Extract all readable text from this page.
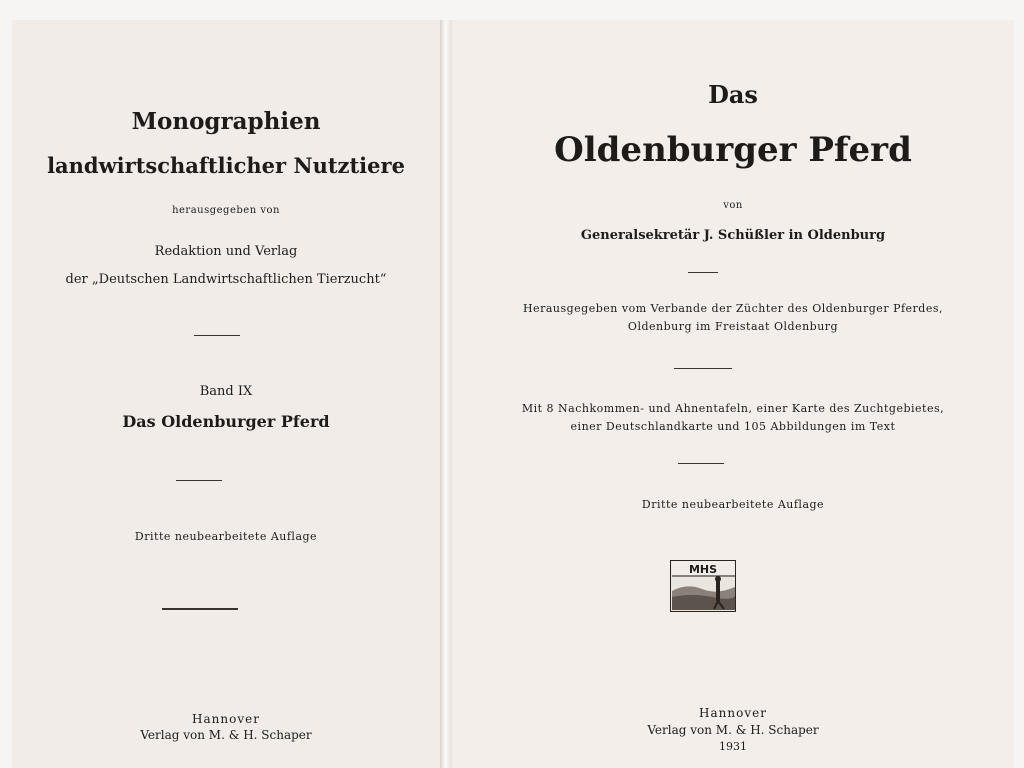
Monographien

landwirtschaftlicher Nutztiere

herausgegeben von

Redaktion und Verlag

der „Deutschen Landwirtschaftlichen Tierzucht“

Band IX

Das Oldenburger Pferd

Dritte neubearbeitete Auflage

Hannover

Verlag von M. & H. Schaper

Das

Oldenburger Pferd

von

Generalsekretär J. Schüßler in Oldenburg

Herausgegeben vom Verbande der Züchter des Oldenburger Pferdes,

Oldenburg im Freistaat Oldenburg

Mit 8 Nachkommen- und Ahnentafeln, einer Karte des Zuchtgebietes,

einer Deutschlandkarte und 105 Abbildungen im Text

Dritte neubearbeitete Auflage

MHS

Hannover

Verlag von M. & H. Schaper

1931
